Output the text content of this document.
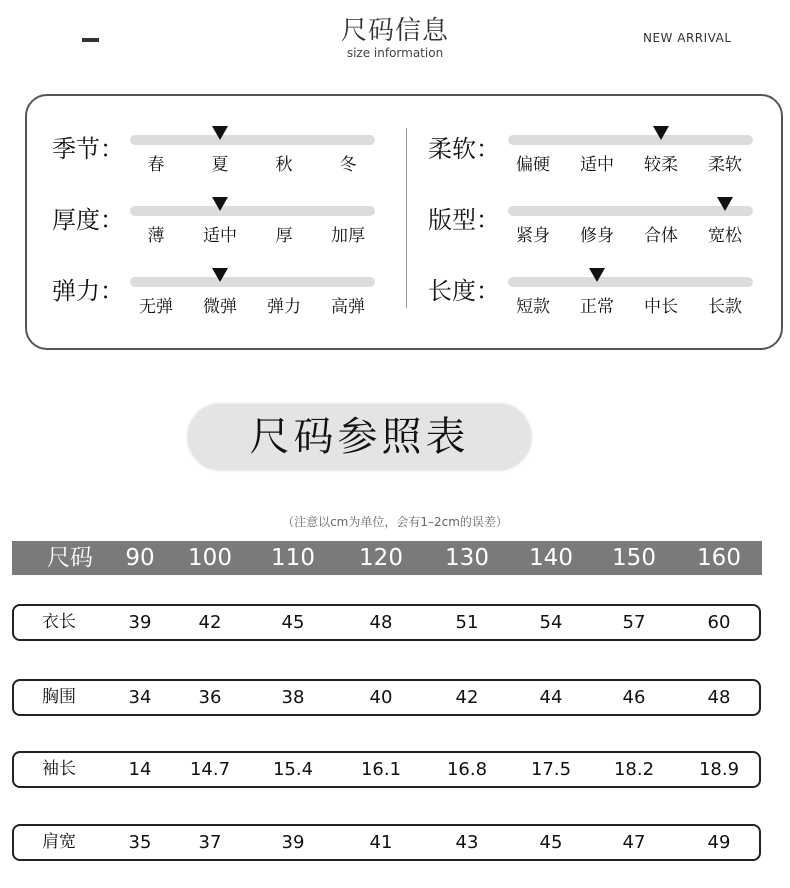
尺码信息
size information
NEW ARRIVAL
季节：
春	夏	秋	冬
厚度：
薄	适中	厚	加厚
弹力：
无弹	微弹	弹力	高弹
柔软：
偏硬	适中	较柔	柔软
版型：
紧身	修身	合体	宽松
长度：
短款	正常	中长	长款
尺码参照表
（注意以cm为单位，会有1–2cm的误差）
尺码	90	100	110	120	130	140	150	160
衣长	39	42	45	48	51	54	57	60
胸围	34	36	38	40	42	44	46	48
袖长	14	14.7	15.4	16.1	16.8	17.5	18.2	18.9
肩宽	35	37	39	41	43	45	47	49
